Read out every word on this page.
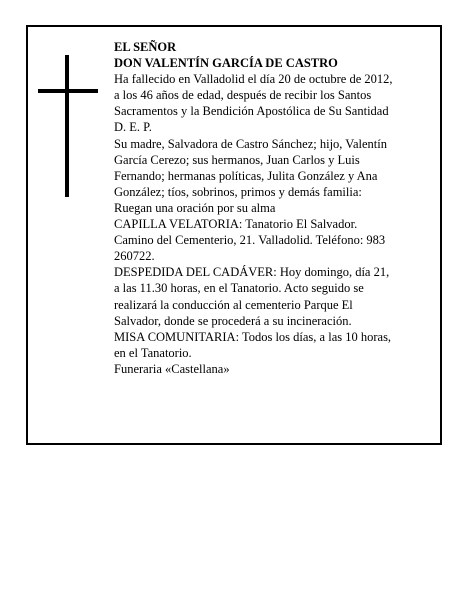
EL SEÑOR
DON VALENTÍN GARCÍA DE CASTRO
Ha fallecido en Valladolid el día 20 de octubre de 2012,
a los 46 años de edad, después de recibir los Santos
Sacramentos y la Bendición Apostólica de Su Santidad
D. E. P.
Su madre, Salvadora de Castro Sánchez; hijo, Valentín
García Cerezo; sus hermanos, Juan Carlos y Luis
Fernando; hermanas políticas, Julita González y Ana
González; tíos, sobrinos, primos y demás familia:
Ruegan una oración por su alma
CAPILLA VELATORIA: Tanatorio El Salvador.
Camino del Cementerio, 21. Valladolid. Teléfono: 983
260722.
DESPEDIDA DEL CADÁVER: Hoy domingo, día 21,
a las 11.30 horas, en el Tanatorio. Acto seguido se
realizará la conducción al cementerio Parque El
Salvador, donde se procederá a su incineración.
MISA COMUNITARIA: Todos los días, a las 10 horas,
en el Tanatorio.
Funeraria «Castellana»
